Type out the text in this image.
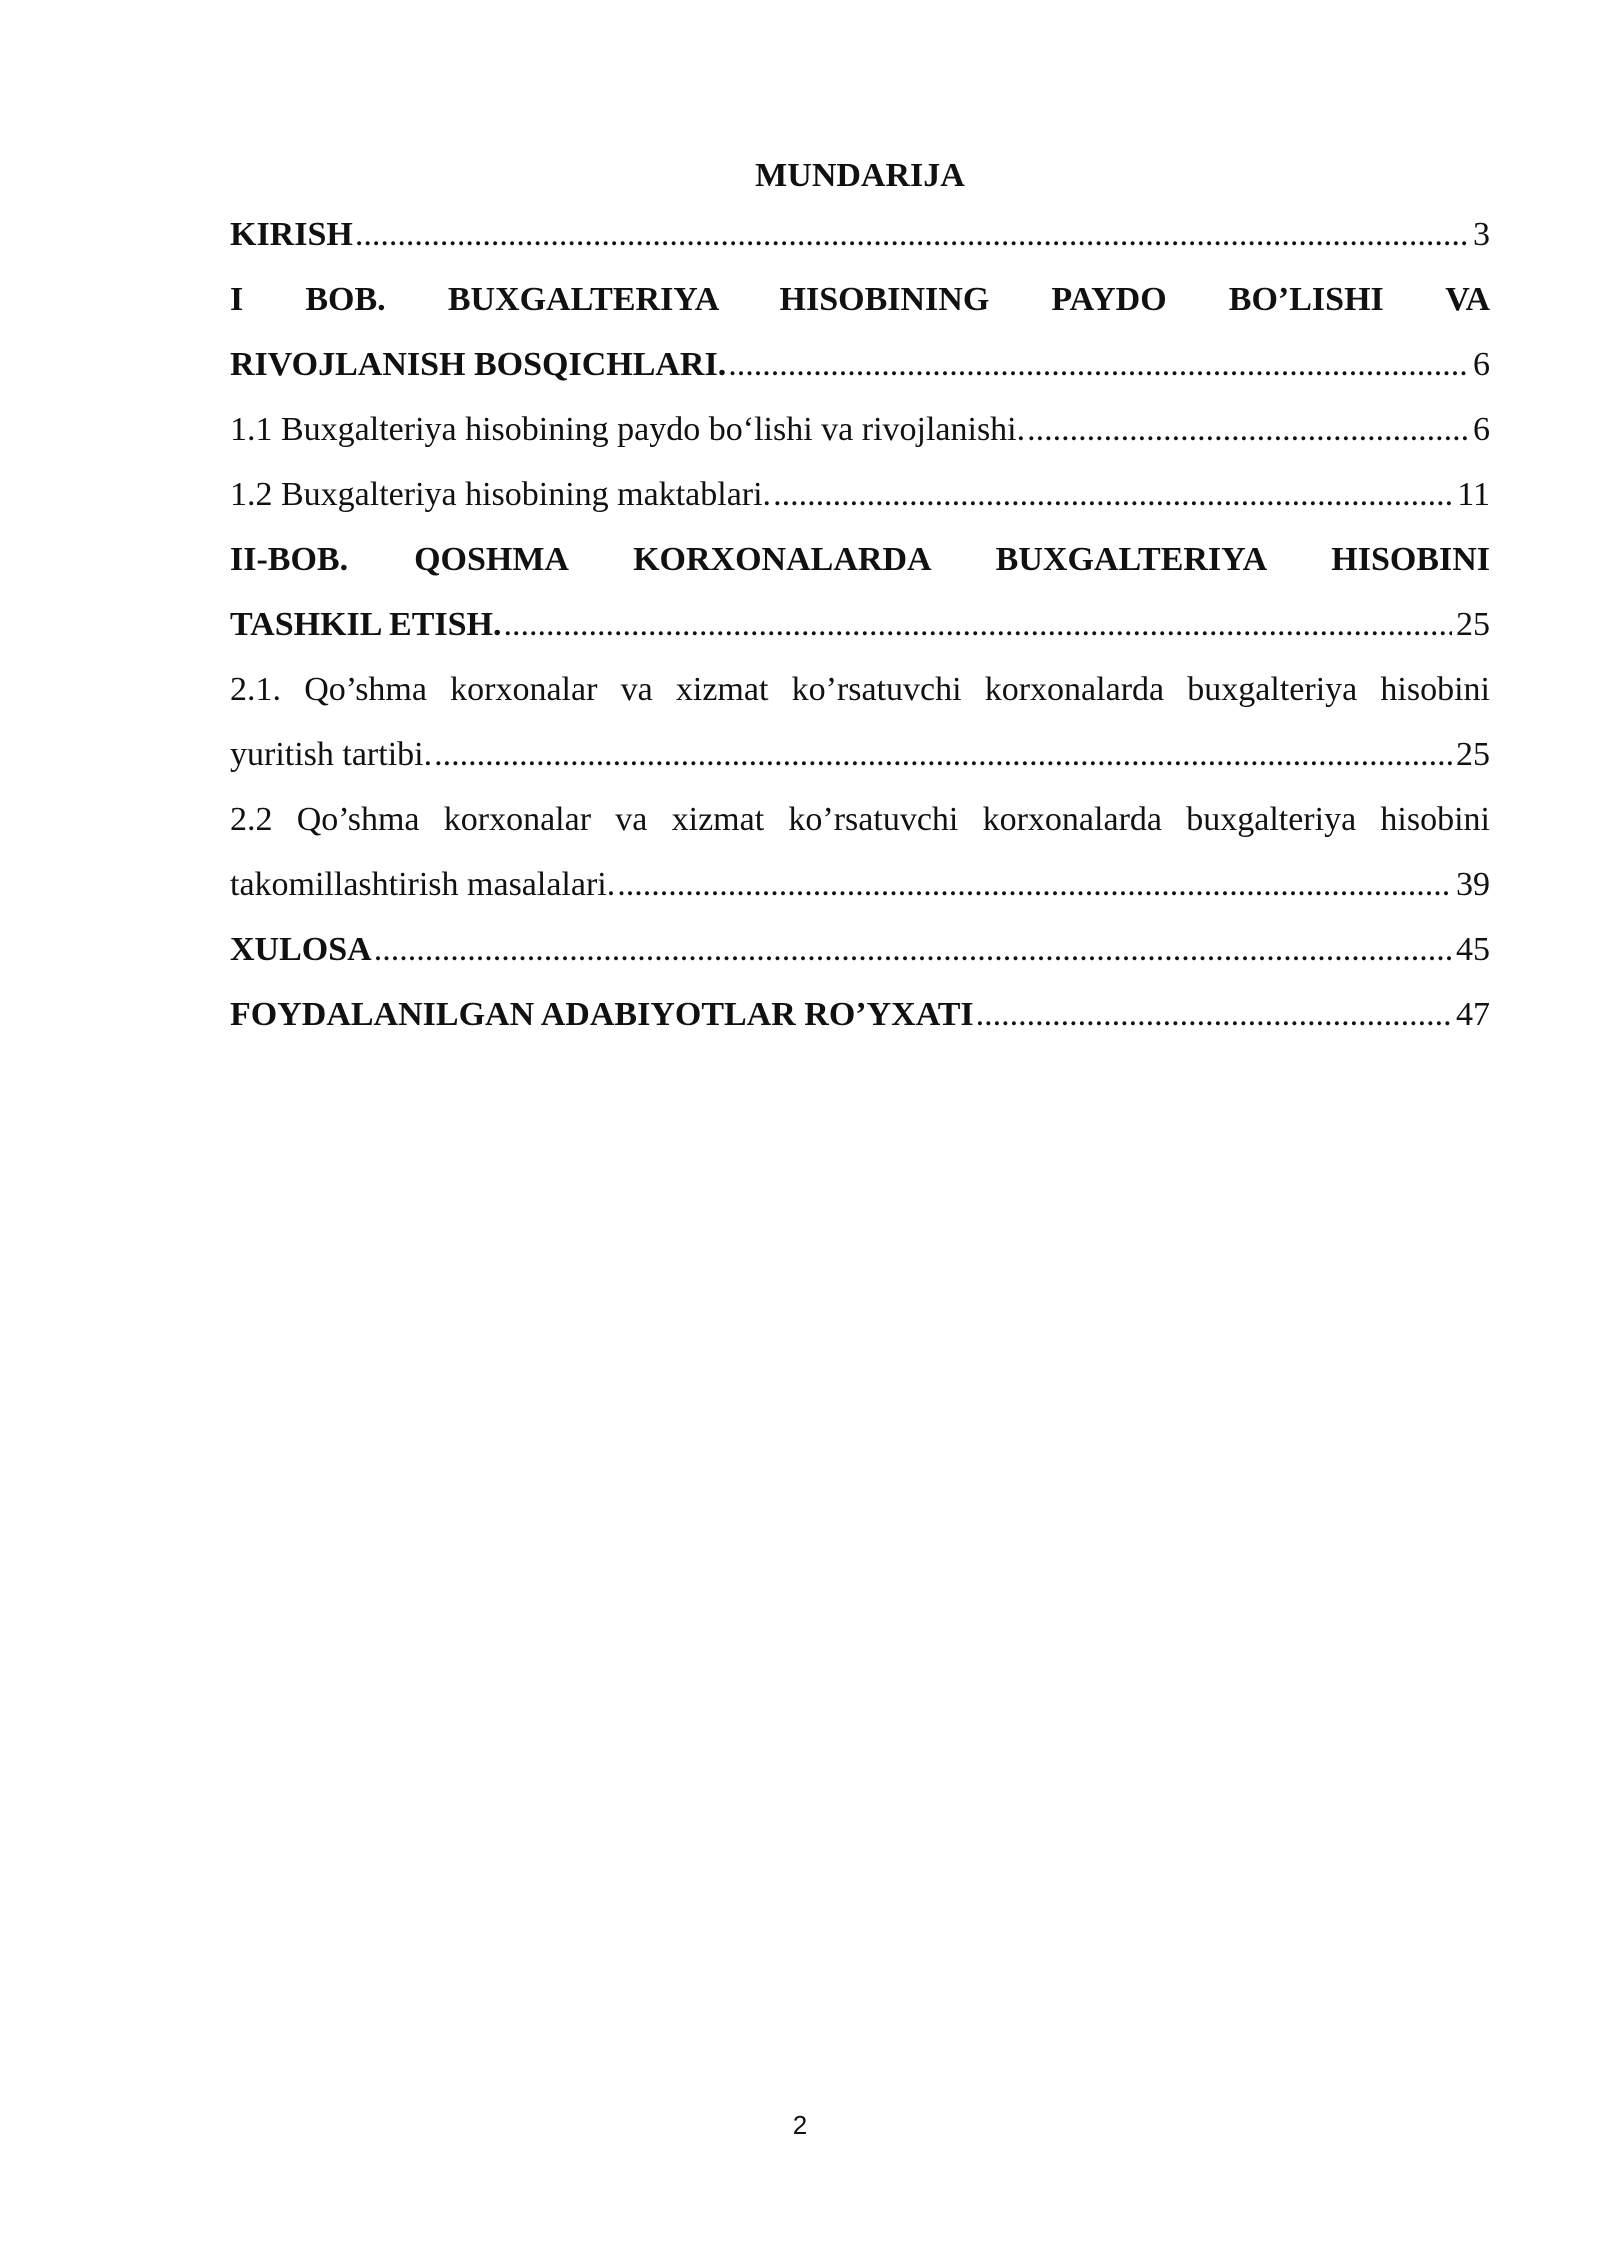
MUNDARIJA
KIRISH .....	3
I BOB. BUXGALTERIYA HISOBINING PAYDO BO’LISHI VA
RIVOJLANISH BOSQICHLARI. .....	6
1.1 Buxgalteriya hisobining paydo bo‘lishi va rivojlanishi. .....	6
1.2 Buxgalteriya hisobining maktablari. .....	11
II-BOB. QOSHMA KORXONALARDA BUXGALTERIYA HISOBINI
TASHKIL ETISH. .....	25
2.1. Qo’shma korxonalar va xizmat ko’rsatuvchi korxonalarda buxgalteriya hisobini
yuritish tartibi. .....	25
2.2 Qo’shma korxonalar va xizmat ko’rsatuvchi korxonalarda buxgalteriya hisobini
takomillashtirish masalalari. .....	39
XULOSA .....	45
FOYDALANILGAN ADABIYOTLAR RO’YXATI .....	47
2
